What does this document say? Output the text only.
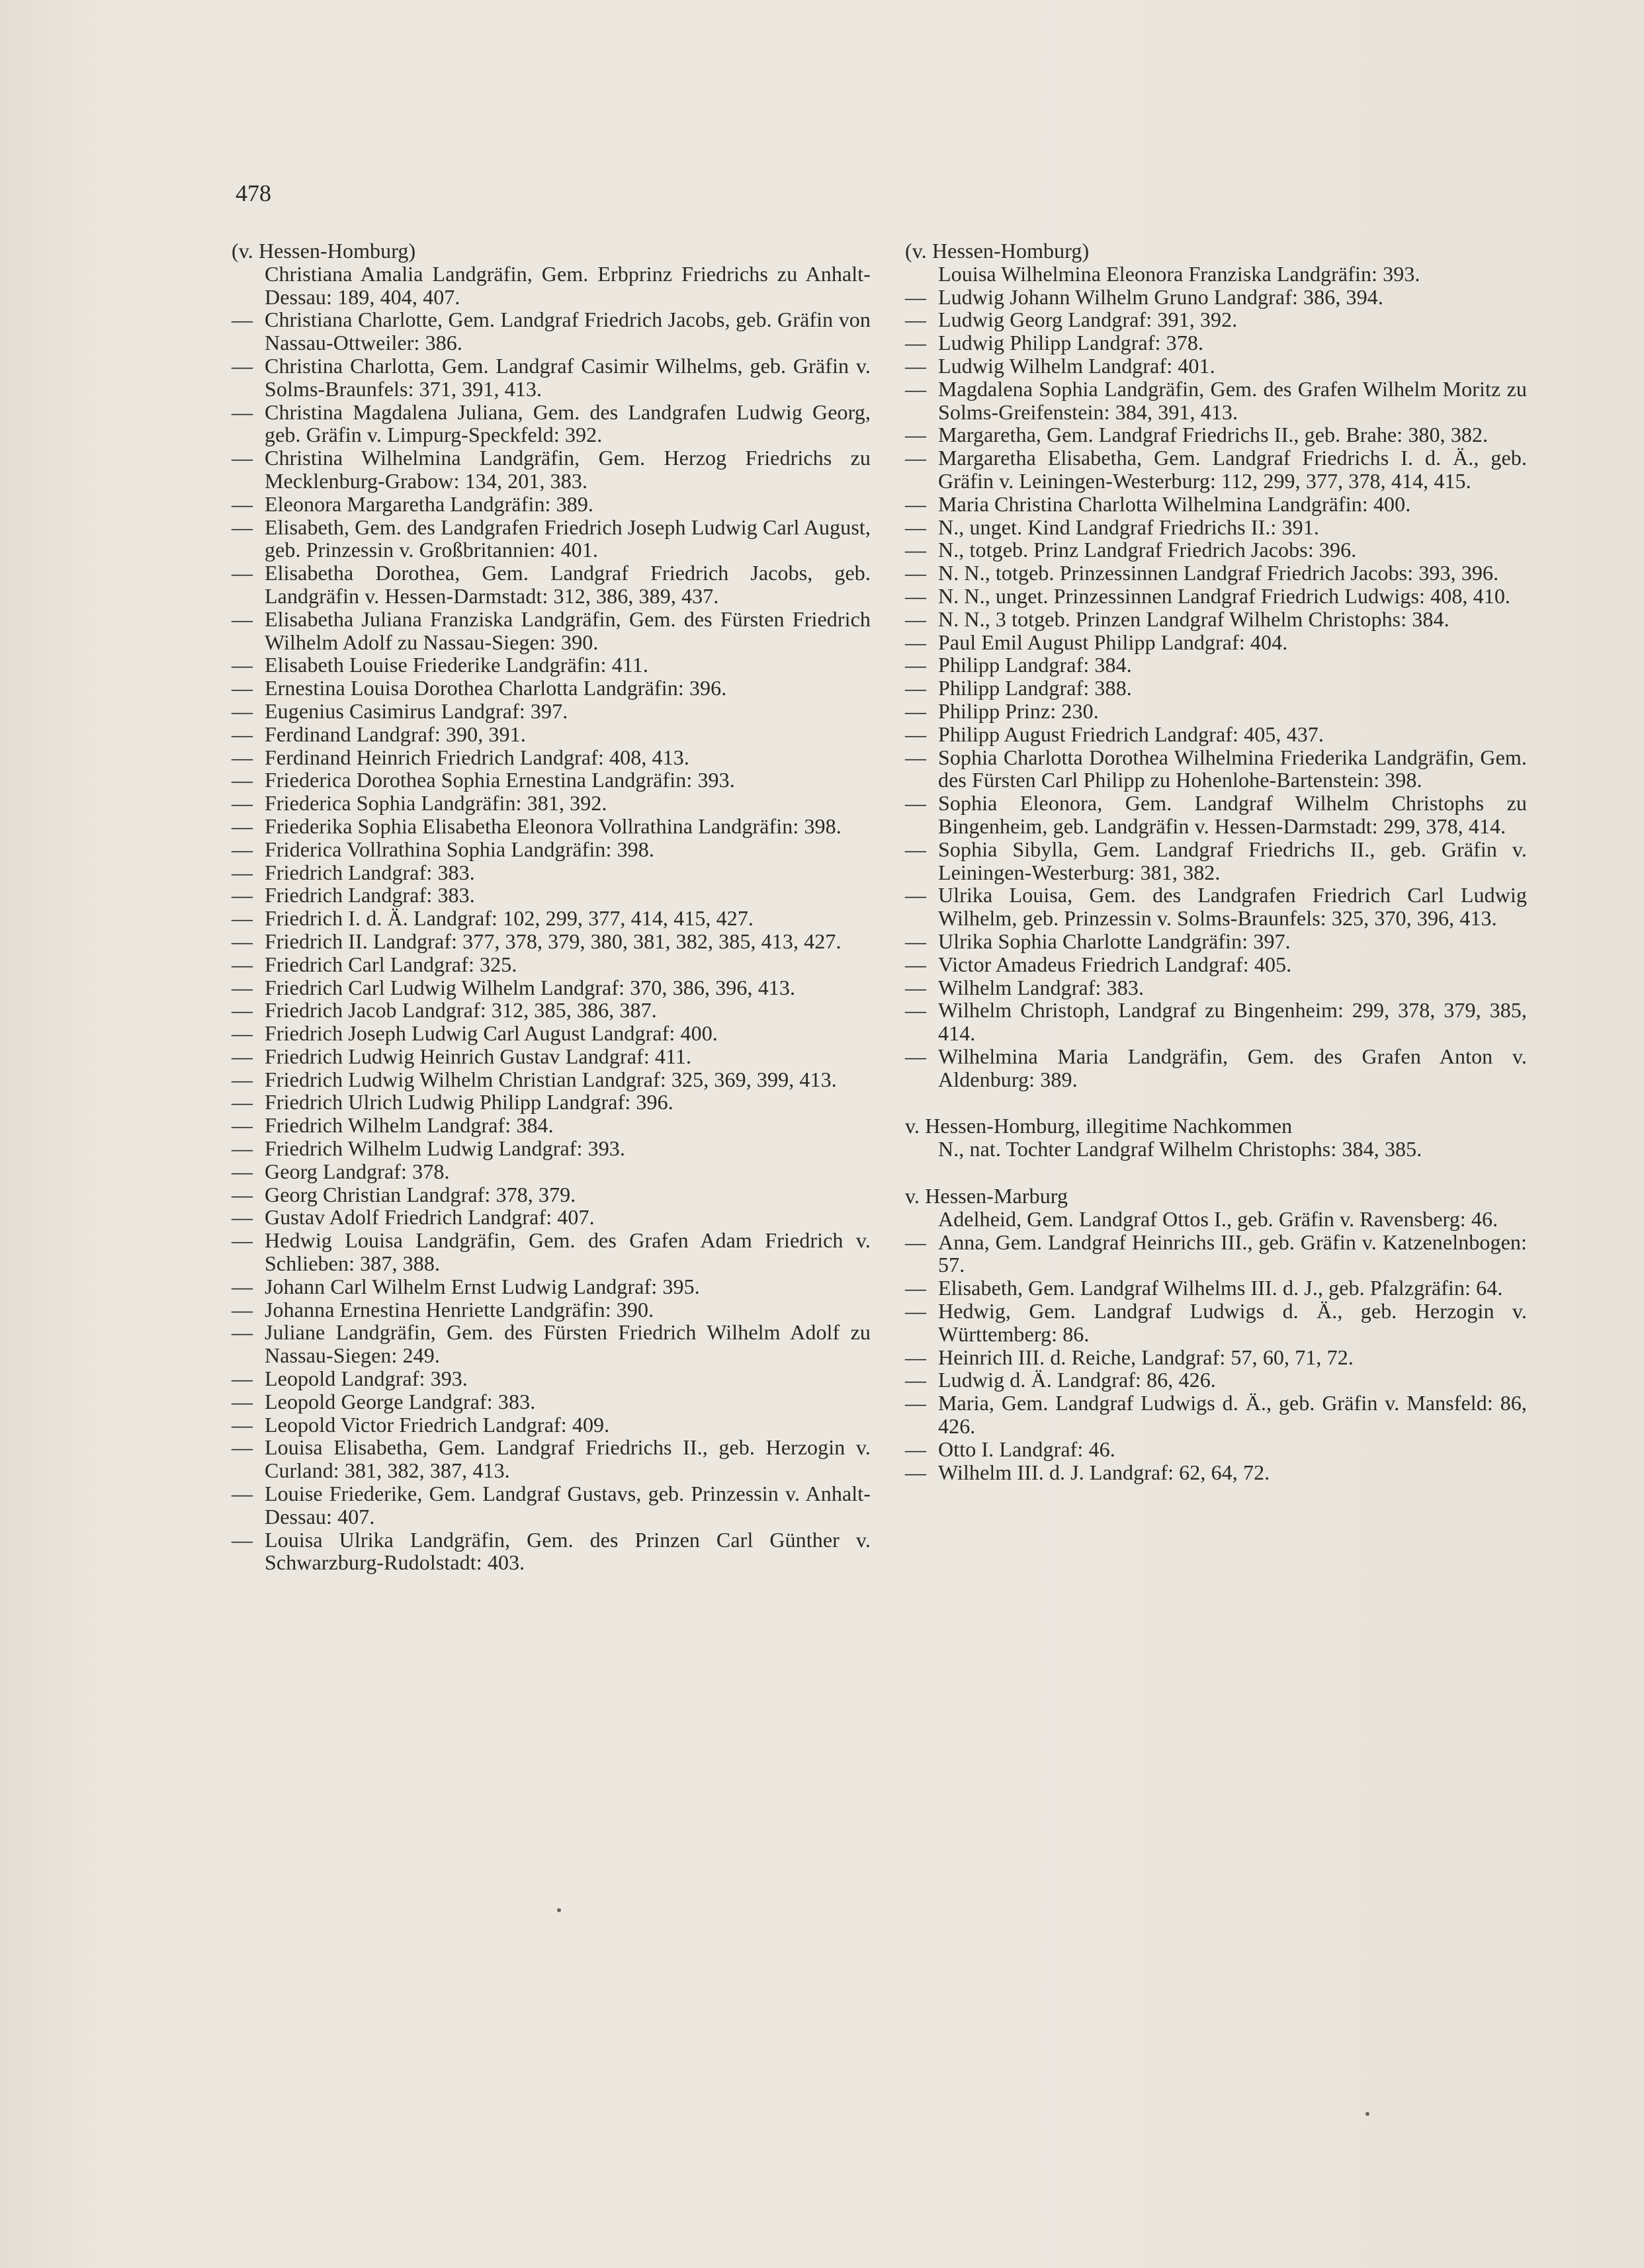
478
(v. Hessen-Homburg)
Christiana Amalia Landgräfin, Gem. Erbprinz Friedrichs zu Anhalt-Dessau: 189, 404, 407.
— Christiana Charlotte, Gem. Landgraf Friedrich Jacobs, geb. Gräfin von Nassau-Ottweiler: 386.
— Christina Charlotta, Gem. Landgraf Casimir Wilhelms, geb. Gräfin v. Solms-Braunfels: 371, 391, 413.
— Christina Magdalena Juliana, Gem. des Landgrafen Ludwig Georg, geb. Gräfin v. Limpurg-Speckfeld: 392.
— Christina Wilhelmina Landgräfin, Gem. Herzog Friedrichs zu Mecklenburg-Grabow: 134, 201, 383.
— Eleonora Margaretha Landgräfin: 389.
— Elisabeth, Gem. des Landgrafen Friedrich Joseph Ludwig Carl August, geb. Prinzessin v. Großbritannien: 401.
— Elisabetha Dorothea, Gem. Landgraf Friedrich Jacobs, geb. Landgräfin v. Hessen-Darmstadt: 312, 386, 389, 437.
— Elisabetha Juliana Franziska Landgräfin, Gem. des Fürsten Friedrich Wilhelm Adolf zu Nassau-Siegen: 390.
— Elisabeth Louise Friederike Landgräfin: 411.
— Ernestina Louisa Dorothea Charlotta Landgräfin: 396.
— Eugenius Casimirus Landgraf: 397.
— Ferdinand Landgraf: 390, 391.
— Ferdinand Heinrich Friedrich Landgraf: 408, 413.
— Friederica Dorothea Sophia Ernestina Landgräfin: 393.
— Friederica Sophia Landgräfin: 381, 392.
— Friederika Sophia Elisabetha Eleonora Vollrathina Landgräfin: 398.
— Friderica Vollrathina Sophia Landgräfin: 398.
— Friedrich Landgraf: 383.
— Friedrich Landgraf: 383.
— Friedrich I. d. Ä. Landgraf: 102, 299, 377, 414, 415, 427.
— Friedrich II. Landgraf: 377, 378, 379, 380, 381, 382, 385, 413, 427.
— Friedrich Carl Landgraf: 325.
— Friedrich Carl Ludwig Wilhelm Landgraf: 370, 386, 396, 413.
— Friedrich Jacob Landgraf: 312, 385, 386, 387.
— Friedrich Joseph Ludwig Carl August Landgraf: 400.
— Friedrich Ludwig Heinrich Gustav Landgraf: 411.
— Friedrich Ludwig Wilhelm Christian Landgraf: 325, 369, 399, 413.
— Friedrich Ulrich Ludwig Philipp Landgraf: 396.
— Friedrich Wilhelm Landgraf: 384.
— Friedrich Wilhelm Ludwig Landgraf: 393.
— Georg Landgraf: 378.
— Georg Christian Landgraf: 378, 379.
— Gustav Adolf Friedrich Landgraf: 407.
— Hedwig Louisa Landgräfin, Gem. des Grafen Adam Friedrich v. Schlieben: 387, 388.
— Johann Carl Wilhelm Ernst Ludwig Landgraf: 395.
— Johanna Ernestina Henriette Landgräfin: 390.
— Juliane Landgräfin, Gem. des Fürsten Friedrich Wilhelm Adolf zu Nassau-Siegen: 249.
— Leopold Landgraf: 393.
— Leopold George Landgraf: 383.
— Leopold Victor Friedrich Landgraf: 409.
— Louisa Elisabetha, Gem. Landgraf Friedrichs II., geb. Herzogin v. Curland: 381, 382, 387, 413.
— Louise Friederike, Gem. Landgraf Gustavs, geb. Prinzessin v. Anhalt-Dessau: 407.
— Louisa Ulrika Landgräfin, Gem. des Prinzen Carl Günther v. Schwarzburg-Rudolstadt: 403.
(v. Hessen-Homburg)
Louisa Wilhelmina Eleonora Franziska Landgräfin: 393.
— Ludwig Johann Wilhelm Gruno Landgraf: 386, 394.
— Ludwig Georg Landgraf: 391, 392.
— Ludwig Philipp Landgraf: 378.
— Ludwig Wilhelm Landgraf: 401.
— Magdalena Sophia Landgräfin, Gem. des Grafen Wilhelm Moritz zu Solms-Greifenstein: 384, 391, 413.
— Margaretha, Gem. Landgraf Friedrichs II., geb. Brahe: 380, 382.
— Margaretha Elisabetha, Gem. Landgraf Friedrichs I. d. Ä., geb. Gräfin v. Leiningen-Westerburg: 112, 299, 377, 378, 414, 415.
— Maria Christina Charlotta Wilhelmina Landgräfin: 400.
— N., unget. Kind Landgraf Friedrichs II.: 391.
— N., totgeb. Prinz Landgraf Friedrich Jacobs: 396.
— N. N., totgeb. Prinzessinnen Landgraf Friedrich Jacobs: 393, 396.
— N. N., unget. Prinzessinnen Landgraf Friedrich Ludwigs: 408, 410.
— N. N., 3 totgeb. Prinzen Landgraf Wilhelm Christophs: 384.
— Paul Emil August Philipp Landgraf: 404.
— Philipp Landgraf: 384.
— Philipp Landgraf: 388.
— Philipp Prinz: 230.
— Philipp August Friedrich Landgraf: 405, 437.
— Sophia Charlotta Dorothea Wilhelmina Friederika Landgräfin, Gem. des Fürsten Carl Philipp zu Hohenlohe-Bartenstein: 398.
— Sophia Eleonora, Gem. Landgraf Wilhelm Christophs zu Bingenheim, geb. Landgräfin v. Hessen-Darmstadt: 299, 378, 414.
— Sophia Sibylla, Gem. Landgraf Friedrichs II., geb. Gräfin v. Leiningen-Westerburg: 381, 382.
— Ulrika Louisa, Gem. des Landgrafen Friedrich Carl Ludwig Wilhelm, geb. Prinzessin v. Solms-Braunfels: 325, 370, 396, 413.
— Ulrika Sophia Charlotte Landgräfin: 397.
— Victor Amadeus Friedrich Landgraf: 405.
— Wilhelm Landgraf: 383.
— Wilhelm Christoph, Landgraf zu Bingenheim: 299, 378, 379, 385, 414.
— Wilhelmina Maria Landgräfin, Gem. des Grafen Anton v. Aldenburg: 389.
v. Hessen-Homburg, illegitime Nachkommen
N., nat. Tochter Landgraf Wilhelm Christophs: 384, 385.
v. Hessen-Marburg
Adelheid, Gem. Landgraf Ottos I., geb. Gräfin v. Ravensberg: 46.
— Anna, Gem. Landgraf Heinrichs III., geb. Gräfin v. Katzenelnbogen: 57.
— Elisabeth, Gem. Landgraf Wilhelms III. d. J., geb. Pfalzgräfin: 64.
— Hedwig, Gem. Landgraf Ludwigs d. Ä., geb. Herzogin v. Württemberg: 86.
— Heinrich III. d. Reiche, Landgraf: 57, 60, 71, 72.
— Ludwig d. Ä. Landgraf: 86, 426.
— Maria, Gem. Landgraf Ludwigs d. Ä., geb. Gräfin v. Mansfeld: 86, 426.
— Otto I. Landgraf: 46.
— Wilhelm III. d. J. Landgraf: 62, 64, 72.
